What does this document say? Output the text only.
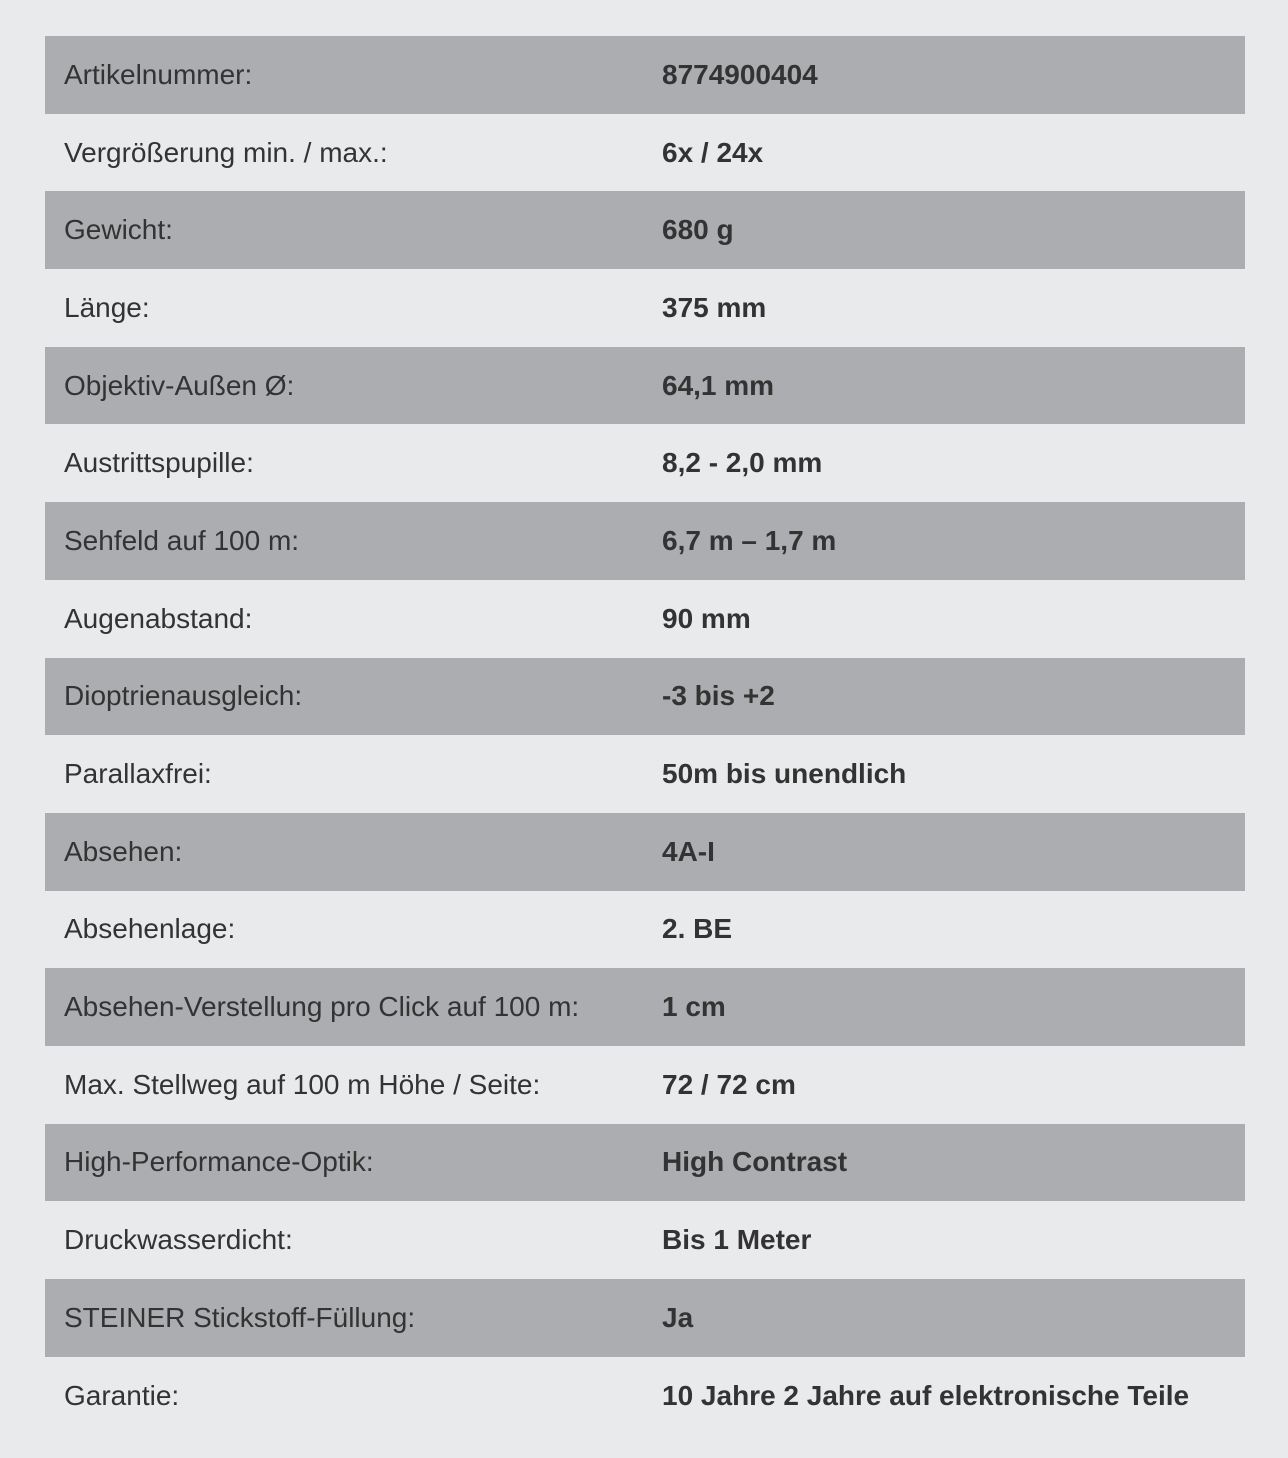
Artikelnummer:	8774900404
Vergrößerung min. / max.:	6x / 24x
Gewicht:	680 g
Länge:	375 mm
Objektiv-Außen Ø:	64,1 mm
Austrittspupille:	8,2 - 2,0 mm
Sehfeld auf 100 m:	6,7 m – 1,7 m
Augenabstand:	90 mm
Dioptrienausgleich:	-3 bis +2
Parallaxfrei:	50m bis unendlich
Absehen:	4A-I
Absehenlage:	2. BE
Absehen-Verstellung pro Click auf 100 m:	1 cm
Max. Stellweg auf 100 m Höhe / Seite:	72 / 72 cm
High-Performance-Optik:	High Contrast
Druckwasserdicht:	Bis 1 Meter
STEINER Stickstoff-Füllung:	Ja
Garantie:	10 Jahre 2 Jahre auf elektronische Teile
